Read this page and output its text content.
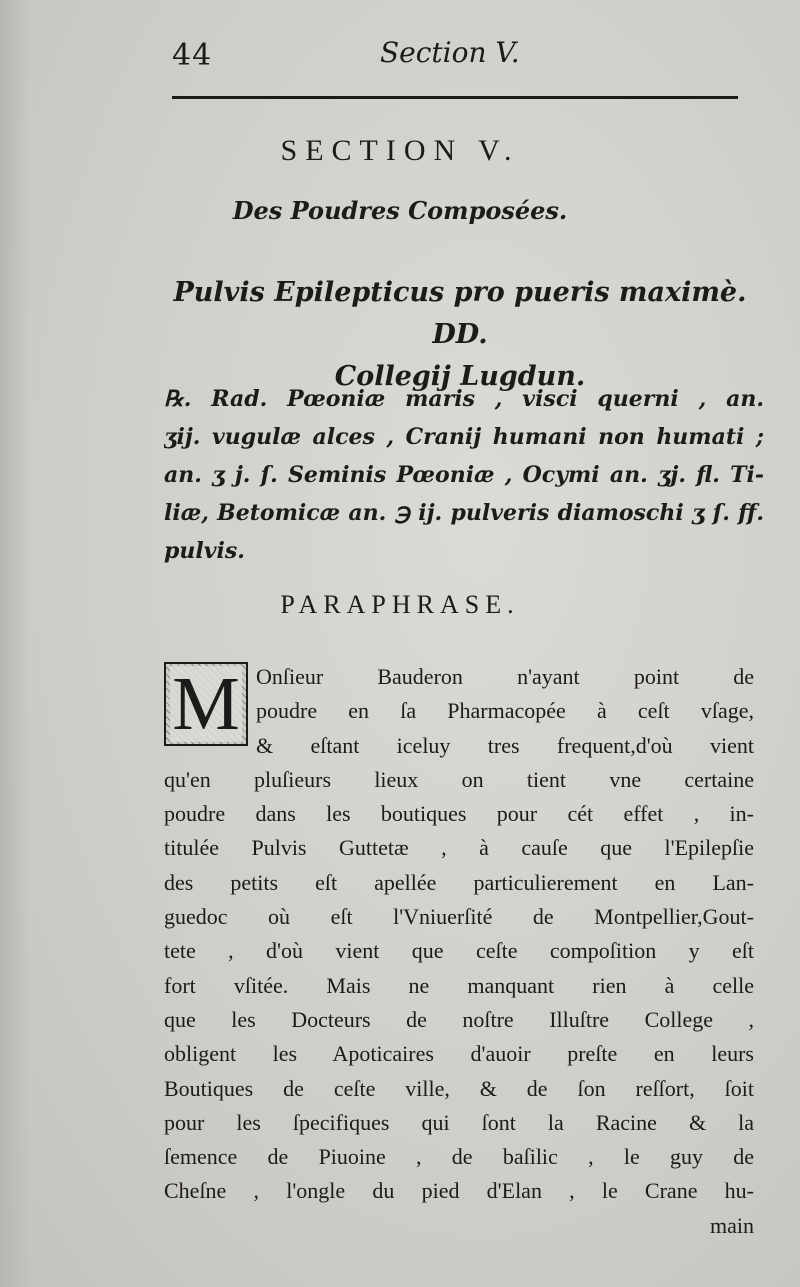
44	Section V.
SECTION V.
Des Poudres Composées.
Pulvis Epilepticus pro pueris maximè. DD.
Collegij Lugdun.
℞. Rad. Pœoniæ maris , visci querni , an.
ʒij. vugulæ alces , Cranij humani non humati ;
an. ʒ j. ſ. Seminis Pœoniæ , Ocymi an. ʒj. fl. Ti-
liæ, Betomicæ an. ℈ ij. pulveris diamoschi ʒ ſ. ff.
pulvis.
PARAPHRASE.
M Onſieur Bauderon n'ayant point de
poudre en ſa Pharmacopée à ceſt vſage,
& eſtant iceluy tres frequent,d'où vient
qu'en pluſieurs lieux on tient vne certaine
poudre dans les boutiques pour cét effet , in-
titulée Pulvis Guttetæ , à cauſe que l'Epilepſie
des petits eſt apellée particulierement en Lan-
guedoc où eſt l'Vniuerſité de Montpellier,Gout-
tete , d'où vient que ceſte compoſition y eſt
fort vſitée. Mais ne manquant rien à celle
que les Docteurs de noſtre Illuſtre College ,
obligent les Apoticaires d'auoir preſte en leurs
Boutiques de ceſte ville, & de ſon reſſort, ſoit
pour les ſpecifiques qui ſont la Racine & la
ſemence de Piuoine , de baſilic , le guy de
Cheſne , l'ongle du pied d'Elan , le Crane hu-
main
